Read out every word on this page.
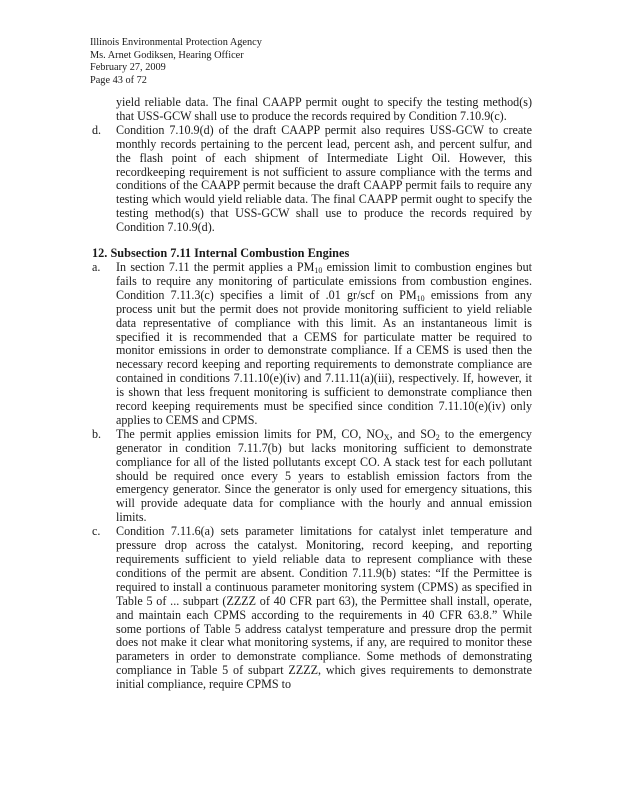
Illinois Environmental Protection Agency
Ms. Arnet Godiksen, Hearing Officer
February 27, 2009
Page 43 of 72
yield reliable data. The final CAAPP permit ought to specify the testing method(s) that USS-GCW shall use to produce the records required by Condition 7.10.9(c).
d.	Condition 7.10.9(d) of the draft CAAPP permit also requires USS-GCW to create monthly records pertaining to the percent lead, percent ash, and percent sulfur, and the flash point of each shipment of Intermediate Light Oil. However, this recordkeeping requirement is not sufficient to assure compliance with the terms and conditions of the CAAPP permit because the draft CAAPP permit fails to require any testing which would yield reliable data. The final CAAPP permit ought to specify the testing method(s) that USS-GCW shall use to produce the records required by Condition 7.10.9(d).
12. Subsection 7.11 Internal Combustion Engines
a.	In section 7.11 the permit applies a $PM_{10}$ emission limit to combustion engines but fails to require any monitoring of particulate emissions from combustion engines. Condition 7.11.3(c) specifies a limit of .01 gr/scf on $PM_{10}$ emissions from any process unit but the permit does not provide monitoring sufficient to yield reliable data representative of compliance with this limit. As an instantaneous limit is specified it is recommended that a CEMS for particulate matter be required to monitor emissions in order to demonstrate compliance. If a CEMS is used then the necessary record keeping and reporting requirements to demonstrate compliance are contained in conditions 7.11.10(e)(iv) and 7.11.11(a)(iii), respectively. If, however, it is shown that less frequent monitoring is sufficient to demonstrate compliance then record keeping requirements must be specified since condition 7.11.10(e)(iv) only applies to CEMS and CPMS.
b.	The permit applies emission limits for PM, CO, $NO_X$, and $SO_2$ to the emergency generator in condition 7.11.7(b) but lacks monitoring sufficient to demonstrate compliance for all of the listed pollutants except CO. A stack test for each pollutant should be required once every 5 years to establish emission factors from the emergency generator. Since the generator is only used for emergency situations, this will provide adequate data for compliance with the hourly and annual emission limits.
c.	Condition 7.11.6(a) sets parameter limitations for catalyst inlet temperature and pressure drop across the catalyst. Monitoring, record keeping, and reporting requirements sufficient to yield reliable data to represent compliance with these conditions of the permit are absent. Condition 7.11.9(b) states: “If the Permittee is required to install a continuous parameter monitoring system (CPMS) as specified in Table 5 of ... subpart (ZZZZ of 40 CFR part 63), the Permittee shall install, operate, and maintain each CPMS according to the requirements in 40 CFR 63.8.” While some portions of Table 5 address catalyst temperature and pressure drop the permit does not make it clear what monitoring systems, if any, are required to monitor these parameters in order to demonstrate compliance. Some methods of demonstrating compliance in Table 5 of subpart ZZZZ, which gives requirements to demonstrate initial compliance, require CPMS to
